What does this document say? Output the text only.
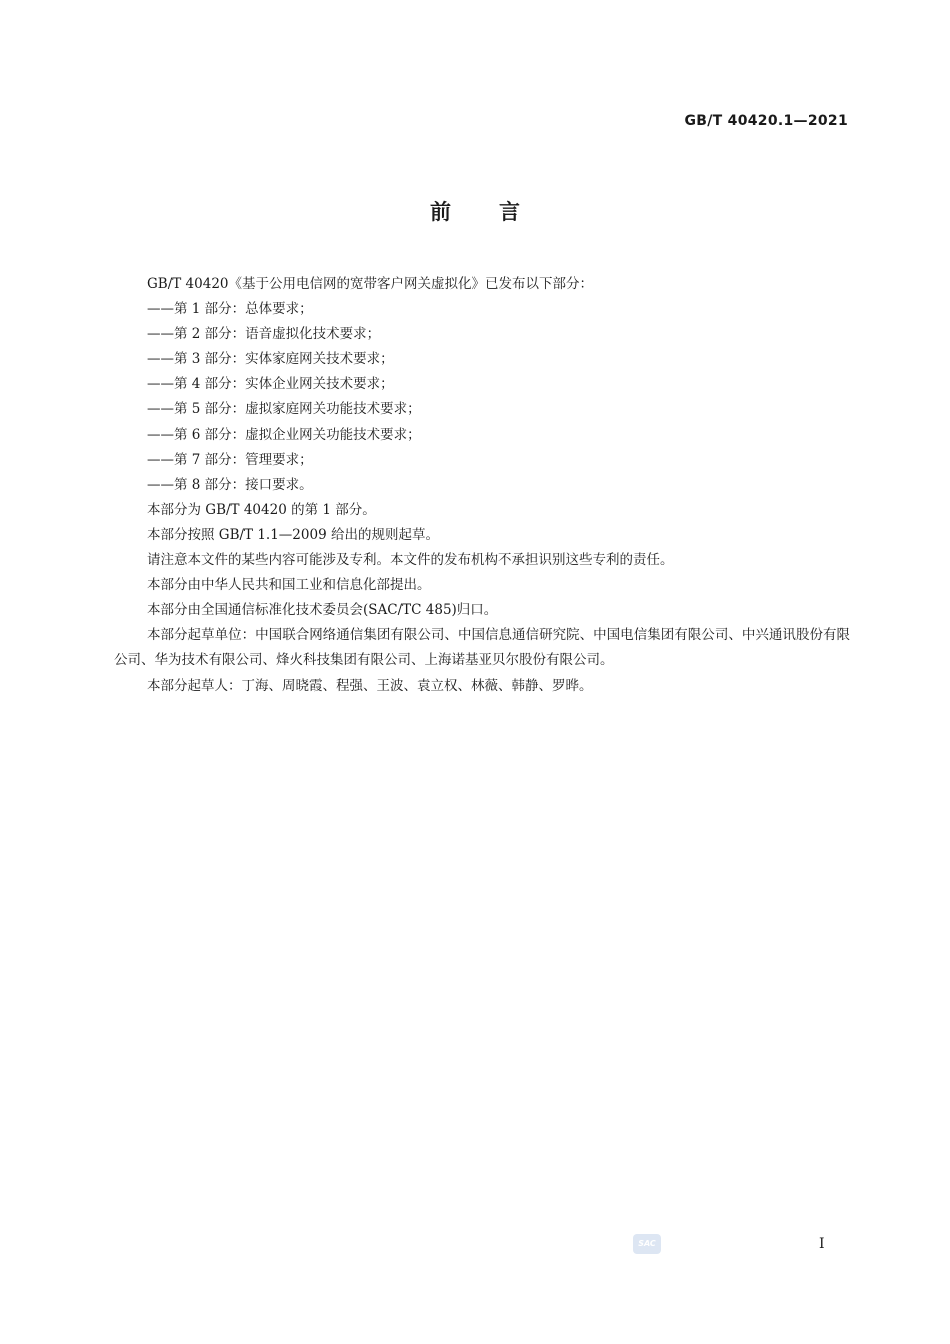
GB/T 40420.1—2021
前言

GB/T 40420《基于公用电信网的宽带客户网关虚拟化》已发布以下部分：

——第 1 部分：总体要求；

——第 2 部分：语音虚拟化技术要求；

——第 3 部分：实体家庭网关技术要求；

——第 4 部分：实体企业网关技术要求；

——第 5 部分：虚拟家庭网关功能技术要求；

——第 6 部分：虚拟企业网关功能技术要求；

——第 7 部分：管理要求；

——第 8 部分：接口要求。

本部分为 GB/T 40420 的第 1 部分。

本部分按照 GB/T 1.1—2009 给出的规则起草。

请注意本文件的某些内容可能涉及专利。本文件的发布机构不承担识别这些专利的责任。

本部分由中华人民共和国工业和信息化部提出。

本部分由全国通信标准化技术委员会(SAC/TC 485)归口。

本部分起草单位：中国联合网络通信集团有限公司、中国信息通信研究院、中国电信集团有限公司、中兴通讯股份有限公司、华为技术有限公司、烽火科技集团有限公司、上海诺基亚贝尔股份有限公司。

本部分起草人：丁海、周晓霞、程强、王波、袁立权、林薇、韩静、罗晔。

SAC	I
